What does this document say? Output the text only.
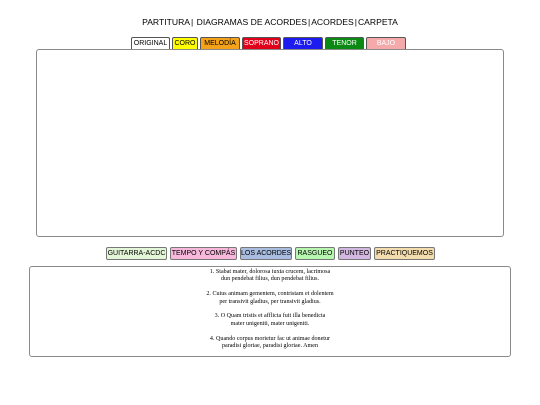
PARTITURA| DIAGRAMAS DE ACORDES|ACORDES|CARPETA
ORIGINAL	CORO	MELODÍA	SOPRANO	ALTO	TENOR	BAJO
GUITARRA-ACDC TEMPO Y COMPÁS LOS ACORDES RASGUEO	PUNTEO PRACTIQUEMOS
1. Stabat mater, dolorosa iuxta crucem, lacrimosa
dun pendebat filius, dun pendebat filius.
2. Cuius animam gementem, contristam et dolentem
per transivit gladius, per transivit gladius.
3. O Quam tristis et afflicta fuit illa benedicta
mater unigeniti, mater unigeniti.
4. Quando corpus morietur fac ut animae donetur
paradisi gloriae, paradisi gloriae. Amen
